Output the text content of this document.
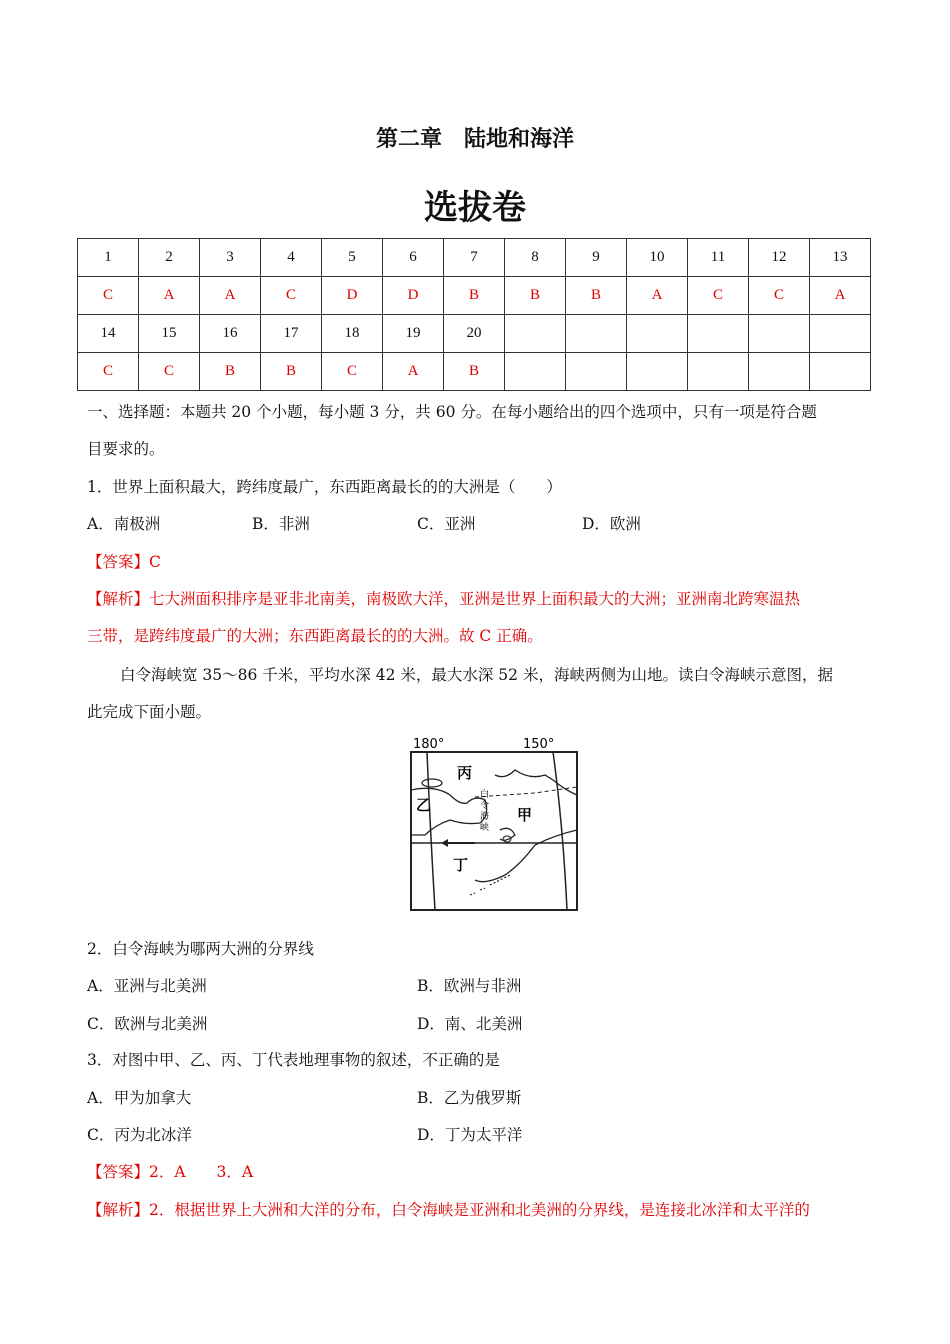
第二章　陆地和海洋
选拔卷
1	2	3	4	5	6	7	8	9	10	11	12	13
C	A	A	C	D	D	B	B	B	A	C	C	A
14	15	16	17	18	19	20						
C	C	B	B	C	A	B						
一、选择题：本题共 20 个小题，每小题 3 分，共 60 分。在每小题给出的四个选项中，只有一项是符合题
目要求的。
1．世界上面积最大，跨纬度最广，东西距离最长的的大洲是（　　）
A．南极洲	B．非洲	C．亚洲	D．欧洲
【答案】C
【解析】七大洲面积排序是亚非北南美，南极欧大洋，亚洲是世界上面积最大的大洲；亚洲南北跨寒温热
三带，是跨纬度最广的大洲；东西距离最长的的大洲。故 C 正确。
白令海峡宽 35～86 千米，平均水深 42 米，最大水深 52 米，海峡两侧为山地。读白令海峡示意图，据
此完成下面小题。
180°	150°
丙
乙
甲
丁
白
令
海
峡
2．白令海峡为哪两大洲的分界线
A．亚洲与北美洲	B．欧洲与非洲
C．欧洲与北美洲	D．南、北美洲
3．对图中甲、乙、丙、丁代表地理事物的叙述，不正确的是
A．甲为加拿大	B．乙为俄罗斯
C．丙为北冰洋	D．丁为太平洋
【答案】2．A　　3．A
【解析】2．根据世界上大洲和大洋的分布，白令海峡是亚洲和北美洲的分界线，是连接北冰洋和太平洋的
